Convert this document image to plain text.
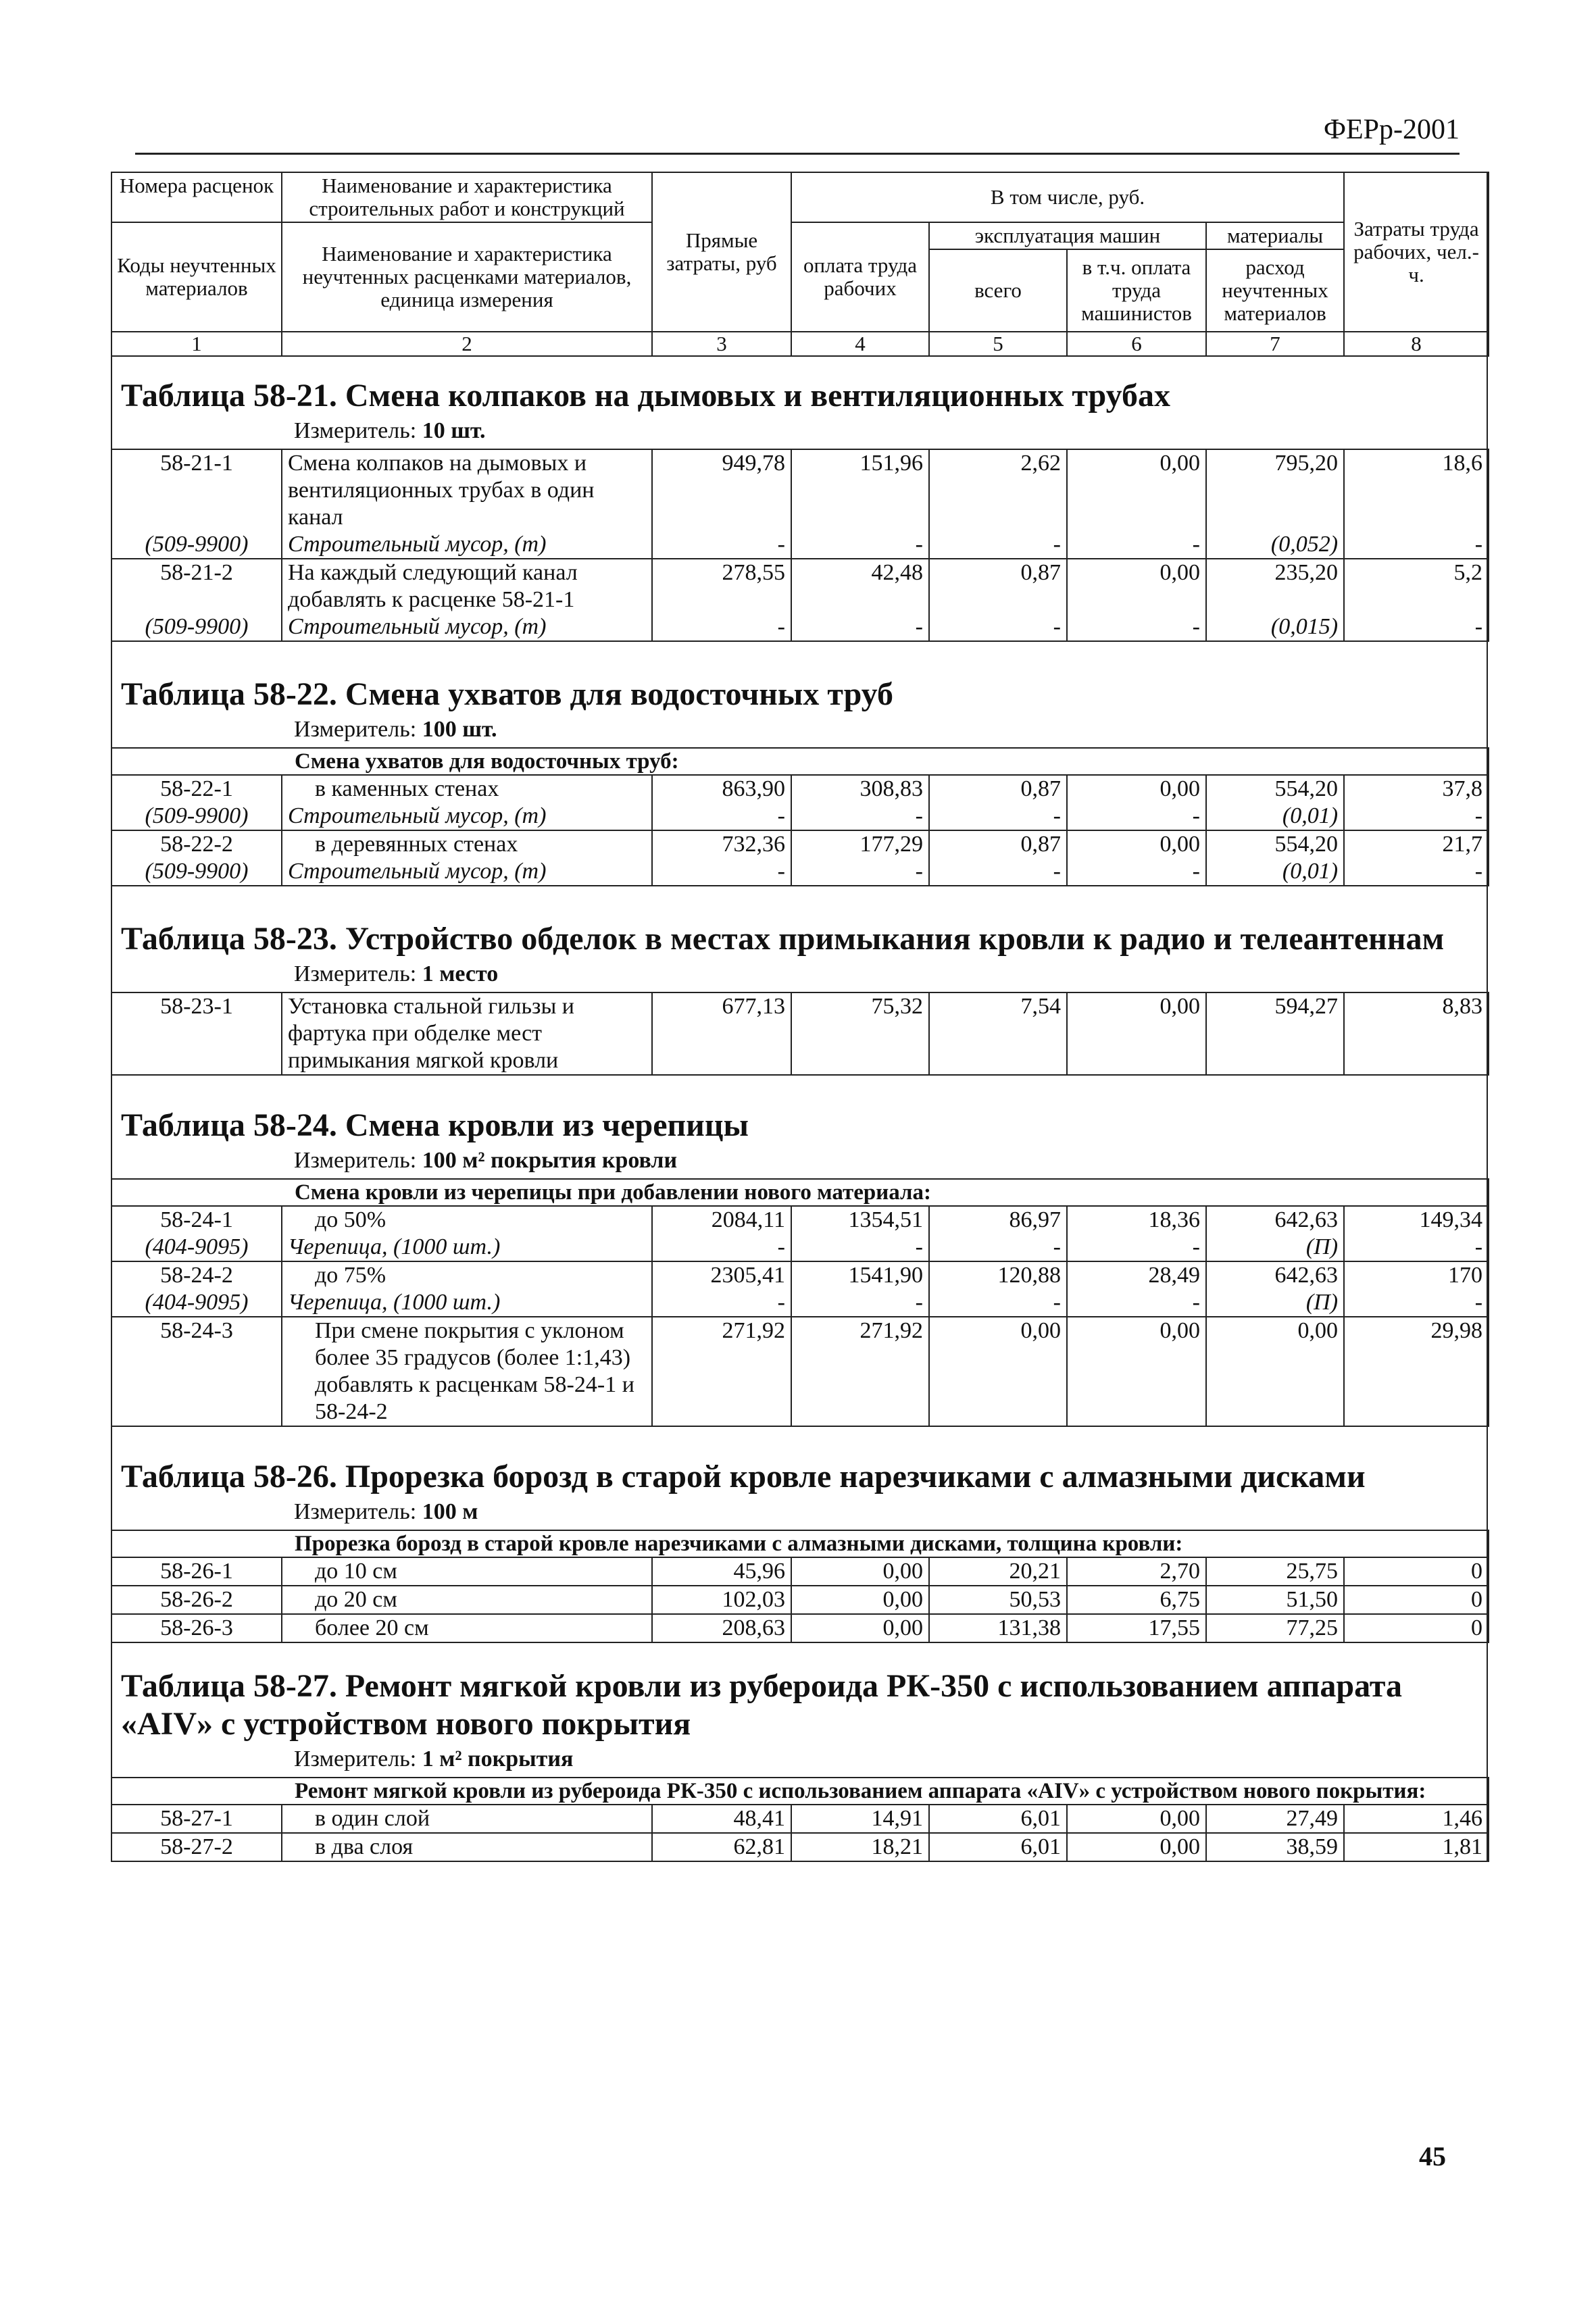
ФЕРр-2001
Номера расценок	Наименование и характеристика строительных работ и конструкций	Прямые затраты, руб	В том числе, руб.				Затраты труда рабочих, чел.-ч.
Коды неучтенных материалов	Наименование и характеристика неучтенных расценками материалов, единица измерения		оплата труда рабочих	эксплуатация машин		материалы	
				всего	в т.ч. оплата труда машинистов	расход неучтенных материалов	
1	2	3	4	5	6	7	8

Таблица 58-21. Смена колпаков на дымовых и вентиляционных трубах							
Измеритель: 10 шт.							
58-21-1	Смена колпаков на дымовых и вентиляционных трубах в один канал	949,78	151,96	2,62	0,00	795,20	18,6
(509-9900)	Строительный мусор, (т)	-	-	-	-	(0,052)	-
58-21-2	На каждый следующий канал добавлять к расценке 58-21-1	278,55	42,48	0,87	0,00	235,20	5,2
(509-9900)	Строительный мусор, (т)	-	-	-	-	(0,015)	-

Таблица 58-22. Смена ухватов для водосточных труб							
Измеритель: 100 шт.							
Смена ухватов для водосточных труб:							
58-22-1	в каменных стенах	863,90	308,83	0,87	0,00	554,20	37,8
(509-9900)	Строительный мусор, (т)	-	-	-	-	(0,01)	-
58-22-2	в деревянных стенах	732,36	177,29	0,87	0,00	554,20	21,7
(509-9900)	Строительный мусор, (т)	-	-	-	-	(0,01)	-

Таблица 58-23. Устройство обделок в местах примыкания кровли к радио и телеантеннам							
Измеритель: 1 место							
58-23-1	Установка стальной гильзы и фартука при обделке мест примыкания мягкой кровли	677,13	75,32	7,54	0,00	594,27	8,83

Таблица 58-24. Смена кровли из черепицы							
Измеритель: 100 м² покрытия кровли							
Смена кровли из черепицы при добавлении нового материала:							
58-24-1	до 50%	2084,11	1354,51	86,97	18,36	642,63	149,34
(404-9095)	Черепица, (1000 шт.)	-	-	-	-	(П)	-
58-24-2	до 75%	2305,41	1541,90	120,88	28,49	642,63	170
(404-9095)	Черепица, (1000 шт.)	-	-	-	-	(П)	-
58-24-3	При смене покрытия с уклоном более 35 градусов (более 1:1,43) добавлять к расценкам 58-24-1 и 58-24-2	271,92	271,92	0,00	0,00	0,00	29,98

Таблица 58-26. Прорезка борозд в старой кровле нарезчиками с алмазными дисками							
Измеритель: 100 м							
Прорезка борозд в старой кровле нарезчиками с алмазными дисками, толщина кровли:							
58-26-1	до 10 см	45,96	0,00	20,21	2,70	25,75	0
58-26-2	до 20 см	102,03	0,00	50,53	6,75	51,50	0
58-26-3	более 20 см	208,63	0,00	131,38	17,55	77,25	0

Таблица 58-27. Ремонт мягкой кровли из рубероида РК-350 с использованием аппарата «AIV» с устройством нового покрытия							
Измеритель: 1 м² покрытия							
Ремонт мягкой кровли из рубероида РК-350 с использованием аппарата «AIV» с устройством нового покрытия:							
58-27-1	в один слой	48,41	14,91	6,01	0,00	27,49	1,46
58-27-2	в два слоя	62,81	18,21	6,01	0,00	38,59	1,81
45
